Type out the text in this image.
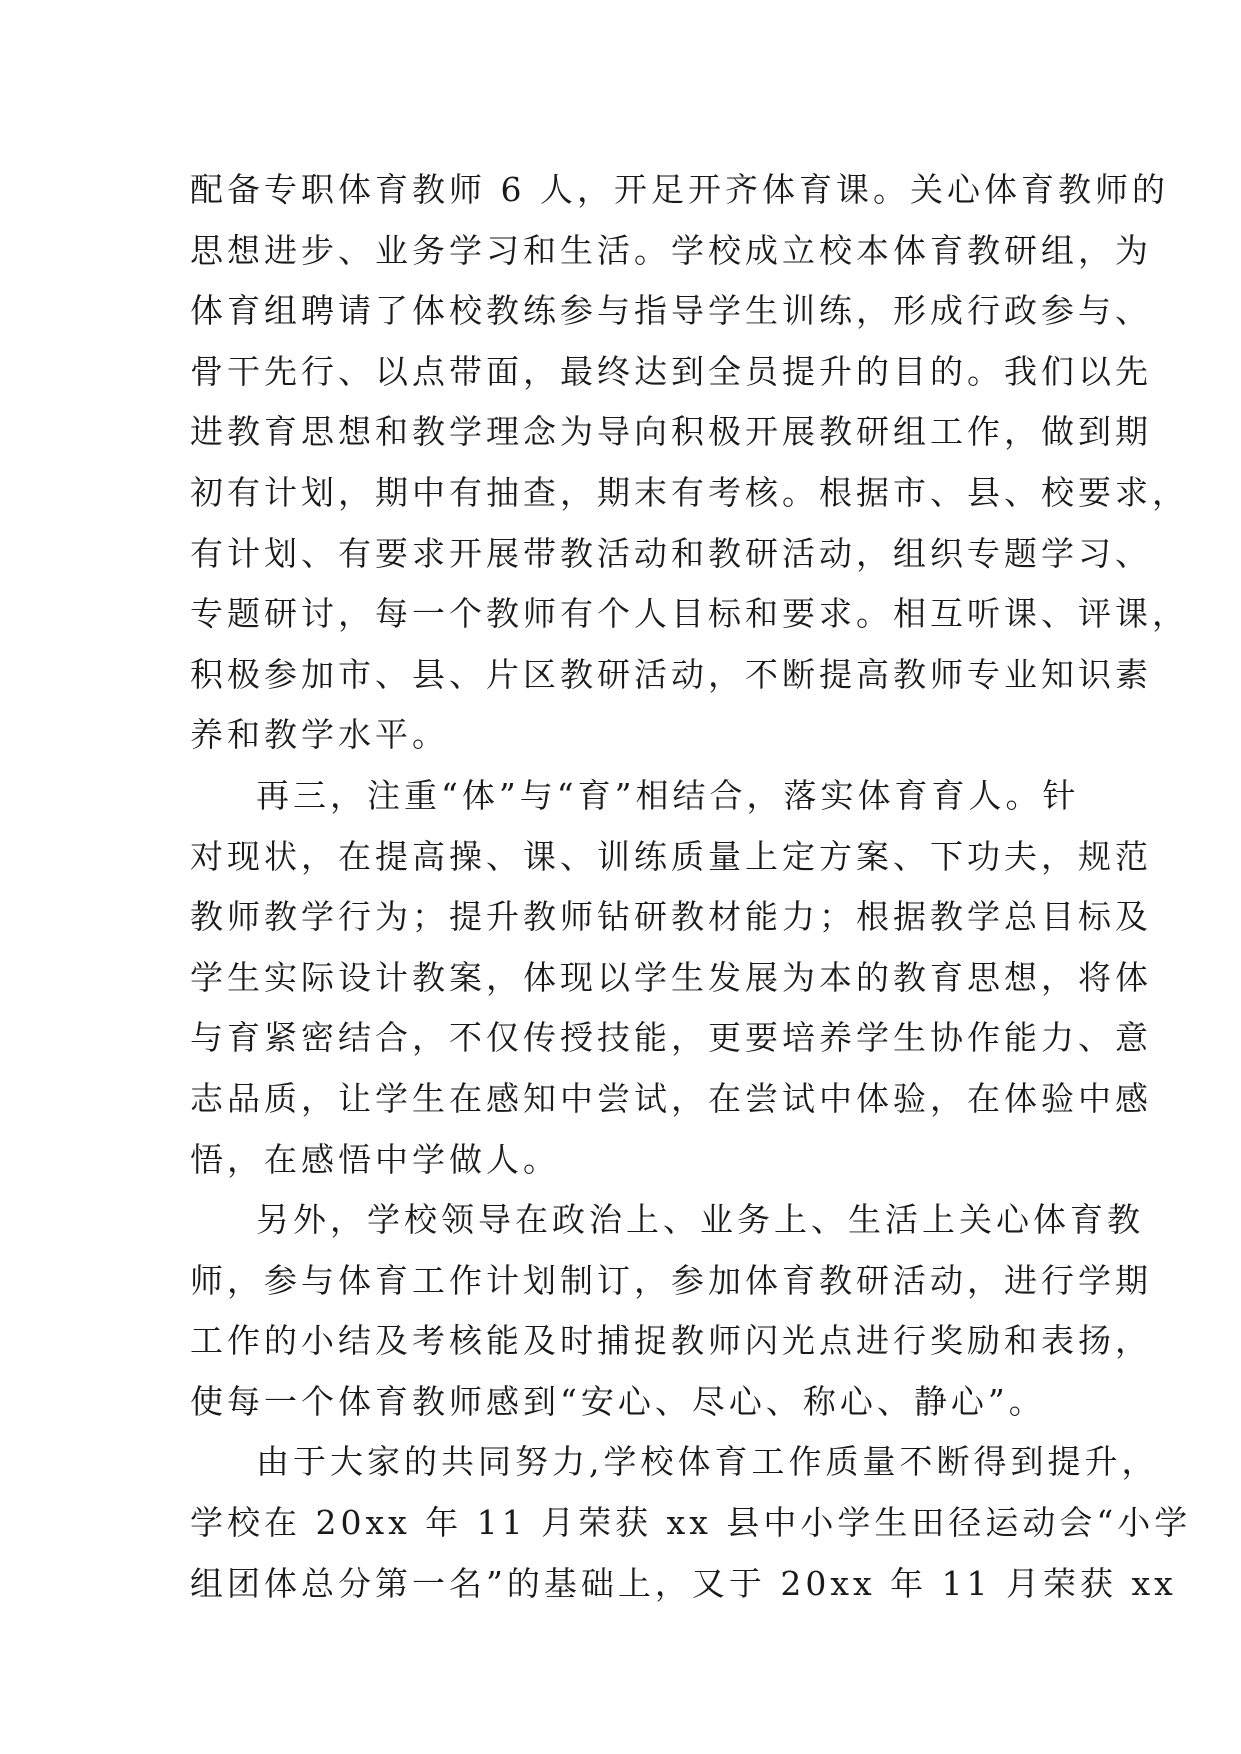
配备专职体育教师 6 人，开足开齐体育课。关心体育教师的
思想进步、业务学习和生活。学校成立校本体育教研组，为
体育组聘请了体校教练参与指导学生训练，形成行政参与、
骨干先行、以点带面，最终达到全员提升的目的。我们以先
进教育思想和教学理念为导向积极开展教研组工作，做到期
初有计划，期中有抽查，期末有考核。根据市、县、校要求，
有计划、有要求开展带教活动和教研活动，组织专题学习、
专题研讨，每一个教师有个人目标和要求。相互听课、评课，
积极参加市、县、片区教研活动，不断提高教师专业知识素
养和教学水平。
再三，注重“体”与“育”相结合，落实体育育人。针
对现状，在提高操、课、训练质量上定方案、下功夫，规范
教师教学行为；提升教师钻研教材能力；根据教学总目标及
学生实际设计教案，体现以学生发展为本的教育思想，将体
与育紧密结合，不仅传授技能，更要培养学生协作能力、意
志品质，让学生在感知中尝试，在尝试中体验，在体验中感
悟，在感悟中学做人。
另外，学校领导在政治上、业务上、生活上关心体育教
师，参与体育工作计划制订，参加体育教研活动，进行学期
工作的小结及考核能及时捕捉教师闪光点进行奖励和表扬，
使每一个体育教师感到“安心、尽心、称心、静心”。
由于大家的共同努力,学校体育工作质量不断得到提升，
学校在 20xx 年 11 月荣获 xx 县中小学生田径运动会“小学
组团体总分第一名”的基础上，又于 20xx 年 11 月荣获 xx
